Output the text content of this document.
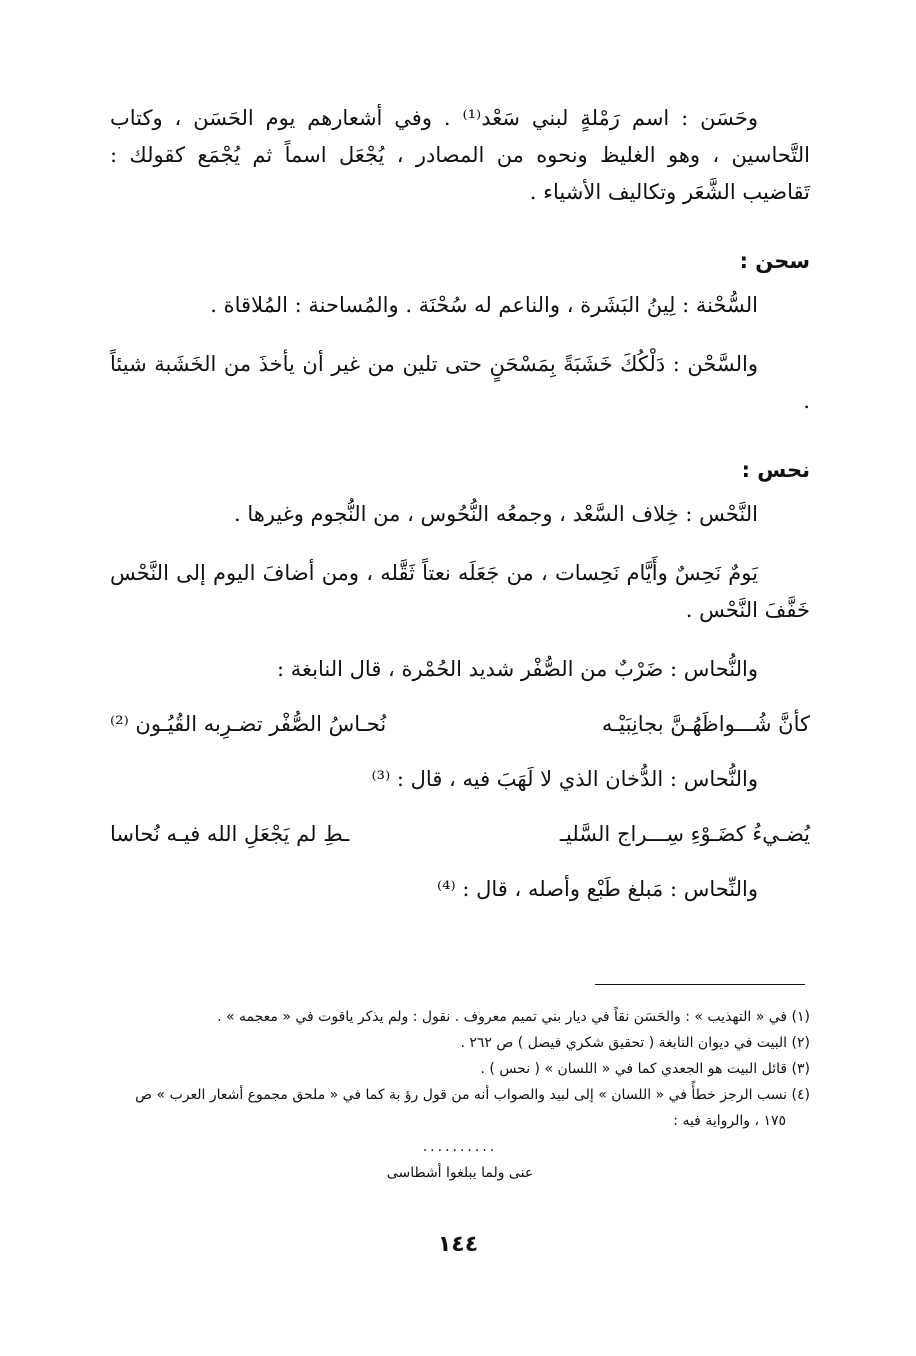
وحَسَن : اسم رَمْلةٍ لبني سَعْد⁽¹⁾ . وفي أشعارهم يوم الحَسَن ، وكتاب التَّحاسين ، وهو الغليظ ونحوه من المصادر ، يُجْعَل اسماً ثم يُجْمَع كقولك : تَقاضيب الشَّعَر وتكاليف الأشياء .

سحن :

السُّحْنة : لِينُ البَشَرة ، والناعم له سُحْنَة . والمُساحنة : المُلاقاة .

والسَّحْن : دَلْكُكَ خَشَبَةً بِمَسْحَنٍ حتى تلين من غير أن يأخذَ من الخَشَبة شيئاً .

نحس :

النَّحْس : خِلاف السَّعْد ، وجمعُه النُّحُوس ، من النُّجوم وغيرها .

يَومٌ نَحِسٌ وأَيَّام نَحِسات ، من جَعَلَه نعتاً ثَقَّله ، ومن أضافَ اليوم إلى النَّحْس خَفَّفَ النَّحْس .

والنُّحاس : ضَرْبٌ من الصُّفْر شديد الحُمْرة ، قال النابغة :

كأنَّ شُـــواظَهُـنَّ بجانِبَيْـه
نُحـاسُ الصُّفْر تضـرِبه القُيُـون ⁽²⁾

والنُّحاس : الدُّخان الذي لا لَهَبَ فيه ، قال : ⁽³⁾

يُضـيءُ كضَـوْءِ سِـــراج السَّليـ
ـطِ لم يَجْعَلِ الله فيـه نُحاسا

والنِّحاس : مَبلغ طَبْع وأصله ، قال : ⁽⁴⁾

(١) في « التهذيب » : والحَسَن نقاً في ديار بني تميم معروف . نقول : ولم يذكر ياقوت في « معجمه » .
(٢) البيت في ديوان النابغة ( تحقيق شكري فيصل ) ص ٢٦٢ .
(٣) قائل البيت هو الجعدي كما في « اللسان » ( نحس ) .
(٤) نسب الرجز خطأً في « اللسان » إلى لبيد والصواب أنه من قول رؤ بة كما في « ملحق مجموع أشعار العرب » ص ١٧٥ ، والرواية فيه :
..........
عنى ولما يبلغوا أشطاسى
١٤٤
